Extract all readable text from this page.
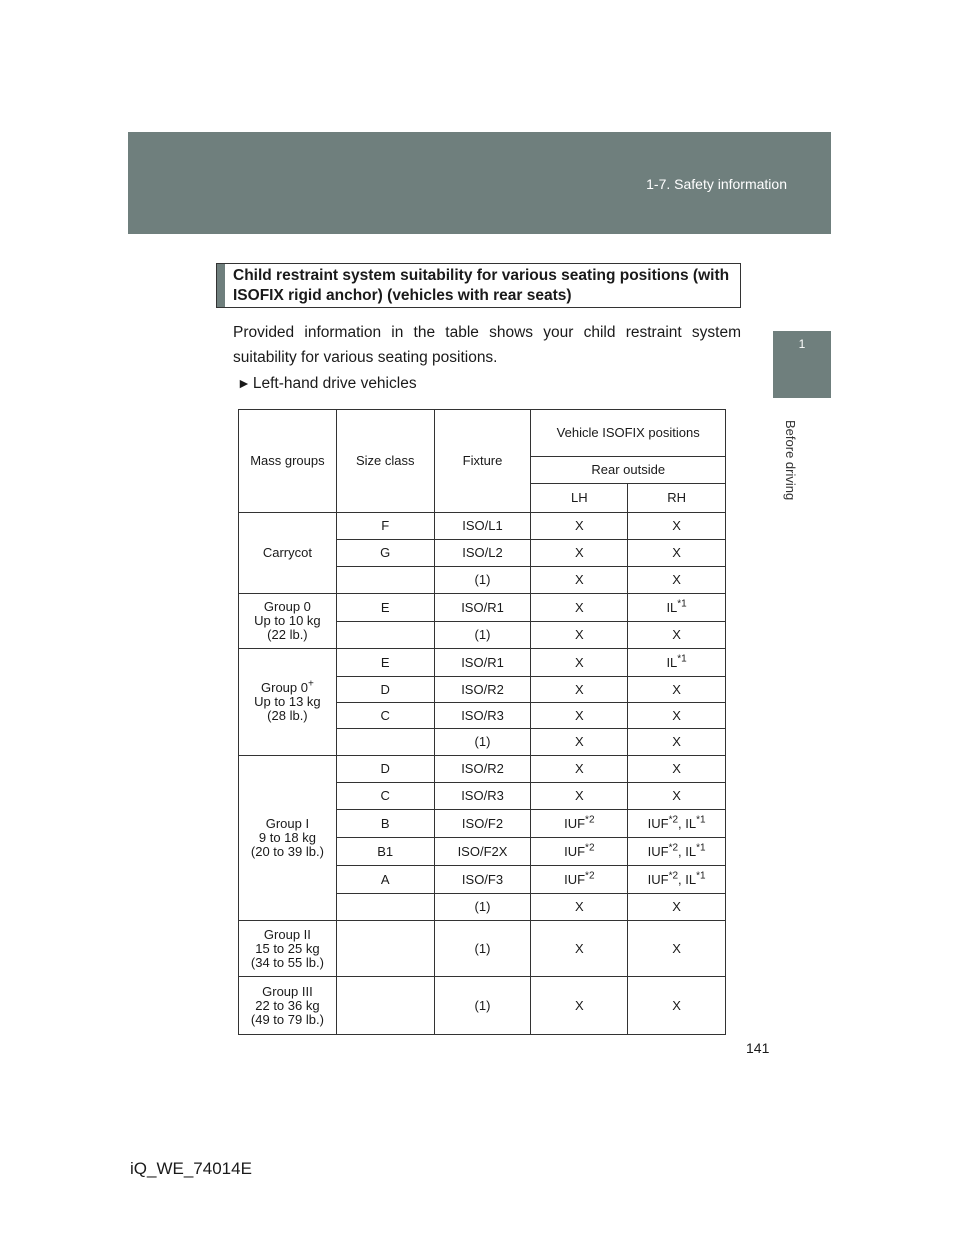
1-7. Safety information
1
Before driving
Child restraint system suitability for various seating positions (with ISOFIX rigid anchor) (vehicles with rear seats)
Provided information in the table shows your child restraint system suitability for various seating positions.
► Left-hand drive vehicles
Mass groups	Size class	Fixture	Vehicle ISOFIX positions	
			Rear outside	
			LH	RH
Carrycot	F	ISO/L1	X	X
	G	ISO/L2	X	X
		(1)	X	X
Group 0
Up to 10 kg
(22 lb.)	E	ISO/R1	X	IL$^{*1}$
		(1)	X	X
Group 0+
Up to 13 kg
(28 lb.)	E	ISO/R1	X	IL$^{*1}$
	D	ISO/R2	X	X
	C	ISO/R3	X	X
		(1)	X	X
Group I
9 to 18 kg
(20 to 39 lb.)	D	ISO/R2	X	X
	C	ISO/R3	X	X
	B	ISO/F2	IUF$^{*2}$	IUF$^{*2}$, IL$^{*1}$
	B1	ISO/F2X	IUF$^{*2}$	IUF$^{*2}$, IL$^{*1}$
	A	ISO/F3	IUF$^{*2}$	IUF$^{*2}$, IL$^{*1}$
		(1)	X	X
Group II
15 to 25 kg
(34 to 55 lb.)		(1)	X	X
Group III
22 to 36 kg
(49 to 79 lb.)		(1)	X	X
141
iQ_WE_74014E
